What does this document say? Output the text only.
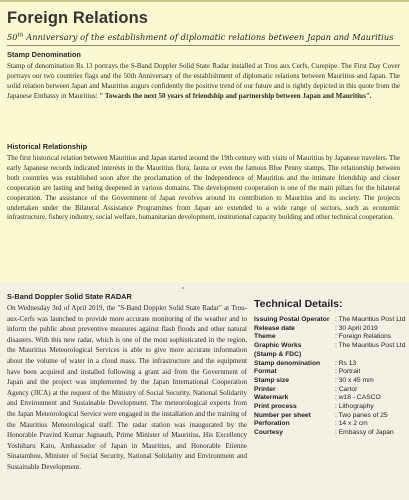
Foreign Relations

50th Anniversary of the establishment of diplomatic relations between Japan and Mauritius

Stamp Denomination

Stamp of denomination Rs 13 portrays the S-Band Doppler Solid State Radar installed at Trou aux Cerfs, Curepipe. The First Day Cover portrays our two countries flags and the 50th Anniversary of the establishment of diplomatic relations between Mauritius and Japan. The solid relation between Japan and Mauritius augurs confidently the positive trend of our future and is rightly depicted in this quote from the Japanese Embassy in Mauritius: " Towards the next 50 years of friendship and partnership between Japan and Mauritius".

Historical Relationship

The first historical relation between Mauritius and Japan started around the 19th century with visits of Mauritius by Japanese travelers. The early Japanese records indicated interests in the Mauritius flora, fauna or even the famous Blue Penny stamps. The relationship between both countries was established soon after the proclamation of the Independence of Mauritius and the intimate friendship and closer cooperation are lasting and being deepened in various domains. The development cooperation is one of the main pillars for the bilateral cooperation. The assistance of the Government of Japan revolves around its contribution to Mauritius and its society. The projects undertaken under the Bilateral Assistance Programmes from Japan are extended to a wide range of sectors, such as economic infrastructure, fishery industry, social welfare, humanitarian development, institutional capacity building and other technical cooperation.

S-Band Doppler Solid State RADAR

On Wednesday 3rd of April 2019, the "S-Band Doppler Solid State Radar" at Trou-aux-Cerfs was launched to provide more accurate monitoring of the weather and to inform the public about preventive measures against flash floods and other natural disasters. With this new radar, which is one of the most sophisticated in the region, the Mauritius Meteorological Services is able to give more accurate information about the volume of water in a cloud mass. The infrastructure and the equipment have been acquired and installed following a grant aid from the Government of Japan and the project was implemented by the Japan International Cooperation Agency (JICA) at the request of the Ministry of Social Security, National Solidarity and Environment and Sustainable Development. The meteorological experts from the Japan Meteorological Service were engaged in the installation and the training of the Mauritius Meteorological staff. The radar station was inaugurated by the Honorable Pravind Kumar Jugnauth, Prime Minister of Mauritius, His Excellency Yoshiharu Kato, Ambassador of Japan in Mauritius, and Honorable Etienne Sinatambou, Minister of Social Security, National Solidarity and Environment and Sustainable Development.

Technical Details:
Issuing Postal Operator	: The Mauritius Post Ltd
Release date	: 30 April 2019
Theme	: Foreign Relations
Graphic Works	: The Mauritius Post Ltd
(Stamp & FDC)	
Stamp denomination	: Rs 13
Format	: Portrait
Stamp size	: 30 x 45 mm
Printer	: Cartor
Watermark	: w18 - CASCO
Print process	: Lithography
Number per sheet	: Two panes of 25
Perforation	: 14 x 2 cm
Courtesy	: Embassy of Japan
